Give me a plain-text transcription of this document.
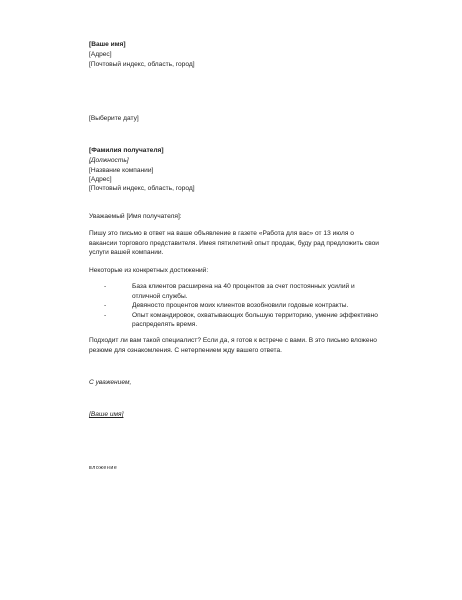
[Ваше имя]
[Адрес]
[Почтовый индекс, область, город]
[Выберите дату]
[Фамилия получателя]
[Должность]
[Название компании]
[Адрес]
[Почтовый индекс, область, город]
Уважаемый [Имя получателя]:
Пишу это письмо в ответ на ваше объявление в газете «Работа для вас» от 13 июля о вакансии торгового представителя. Имея пятилетний опыт продаж, буду рад предложить свои услуги вашей компании.
Некоторые из конкретных достижений:
-	База клиентов расширена на 40 процентов за счет постоянных усилий и отличной службы.
-	Девяносто процентов моих клиентов возобновили годовые контракты.
-	Опыт командировок, охватывающих большую территорию, умение эффективно распределять время.
Подходит ли вам такой специалист? Если да, я готов к встрече с вами. В это письмо вложено резюме для ознакомления. С нетерпением жду вашего ответа.
С уважением,
[Ваше имя]
вложение
